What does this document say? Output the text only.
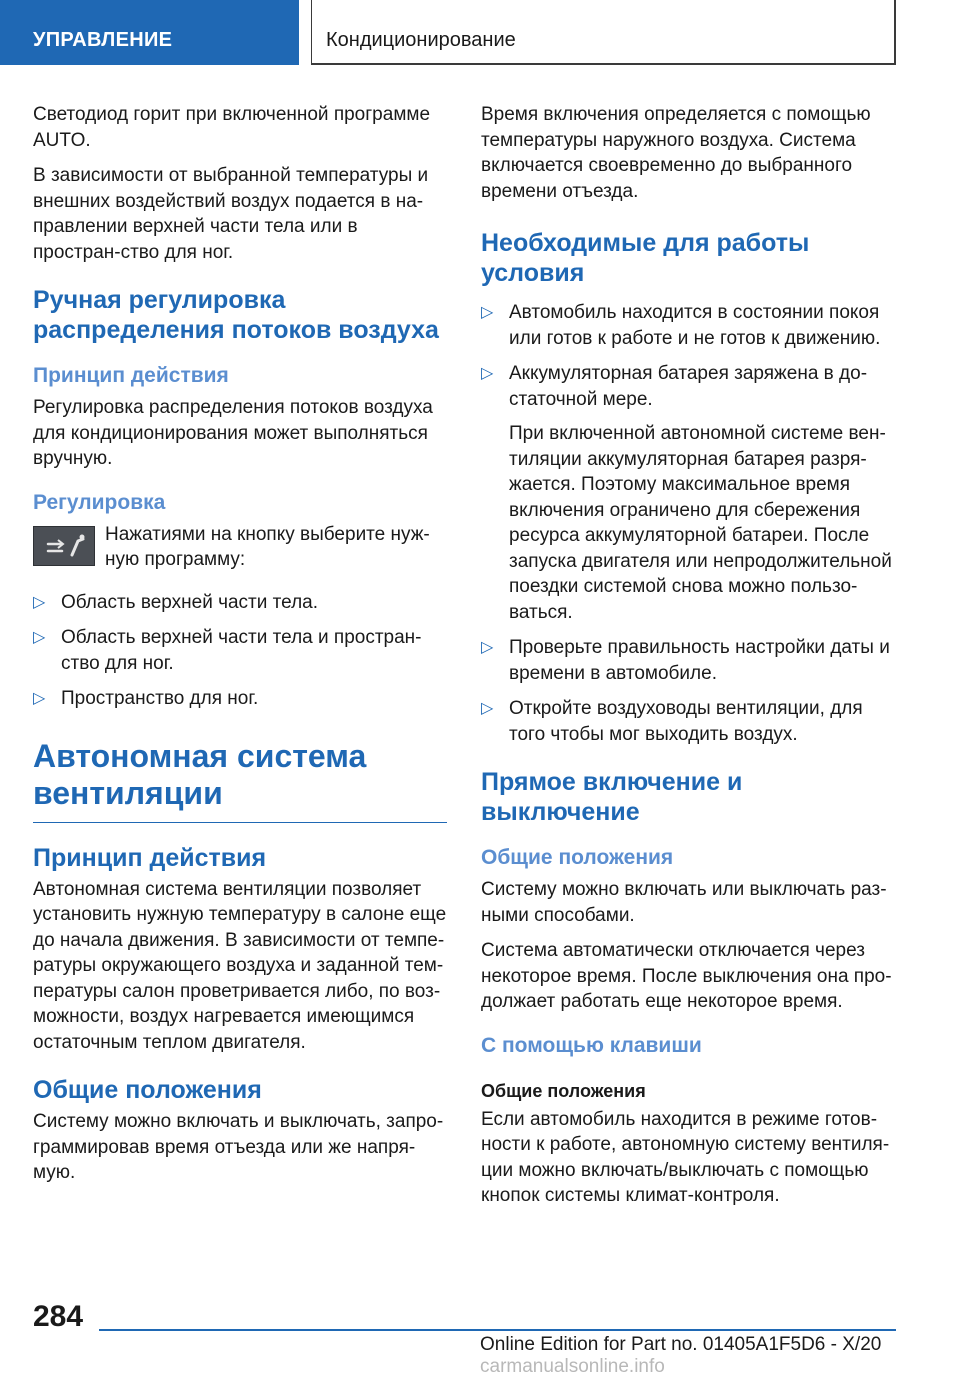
УПРАВЛЕНИЕ	Кондиционирование

Светодиод горит при включенной программе AUTO.

В зависимости от выбранной температуры и внешних воздействий воздух подается в на-правлении верхней части тела или в простран-ство для ног.

Ручная регулировка распределения потоков воздуха
Принцип действия

Регулировка распределения потоков воздуха для кондиционирования может выполняться вручную.

Регулировка

Нажатиями на кнопку выберите нуж-ную программу:

▷ Область верхней части тела.
▷ Область верхней части тела и простран-ство для ног.
▷ Пространство для ног.
Автономная система вентиляции
Принцип действия

Автономная система вентиляции позволяет установить нужную температуру в салоне еще до начала движения. В зависимости от темпе-ратуры окружающего воздуха и заданной тем-пературы салон проветривается либо, по воз-можности, воздух нагревается имеющимся остаточным теплом двигателя.

Общие положения

Систему можно включать и выключать, запро-граммировав время отъезда или же напря-мую.

Время включения определяется с помощью температуры наружного воздуха. Система включается своевременно до выбранного времени отъезда.

Необходимые для работы условия
▷ Автомобиль находится в состоянии покоя или готов к работе и не готов к движению.
▷ Аккумуляторная батарея заряжена в до-статочной мере.
При включенной автономной системе вен-тиляции аккумуляторная батарея разря-жается. Поэтому максимальное время включения ограничено для сбережения ресурса аккумуляторной батареи. После запуска двигателя или непродолжительной поездки системой снова можно пользо-ваться.
▷ Проверьте правильность настройки даты и времени в автомобиле.
▷ Откройте воздуховоды вентиляции, для того чтобы мог выходить воздух.
Прямое включение и выключение
Общие положения

Систему можно включать или выключать раз-ными способами.

Система автоматически отключается через некоторое время. После выключения она про-должает работать еще некоторое время.

С помощью клавиши
Общие положения

Если автомобиль находится в режиме готов-ности к работе, автономную систему вентиля-ции можно включать/выключать с помощью кнопок системы климат-контроля.

284
Online Edition for Part no. 01405A1F5D6 - X/20 carmanualsonline.info
